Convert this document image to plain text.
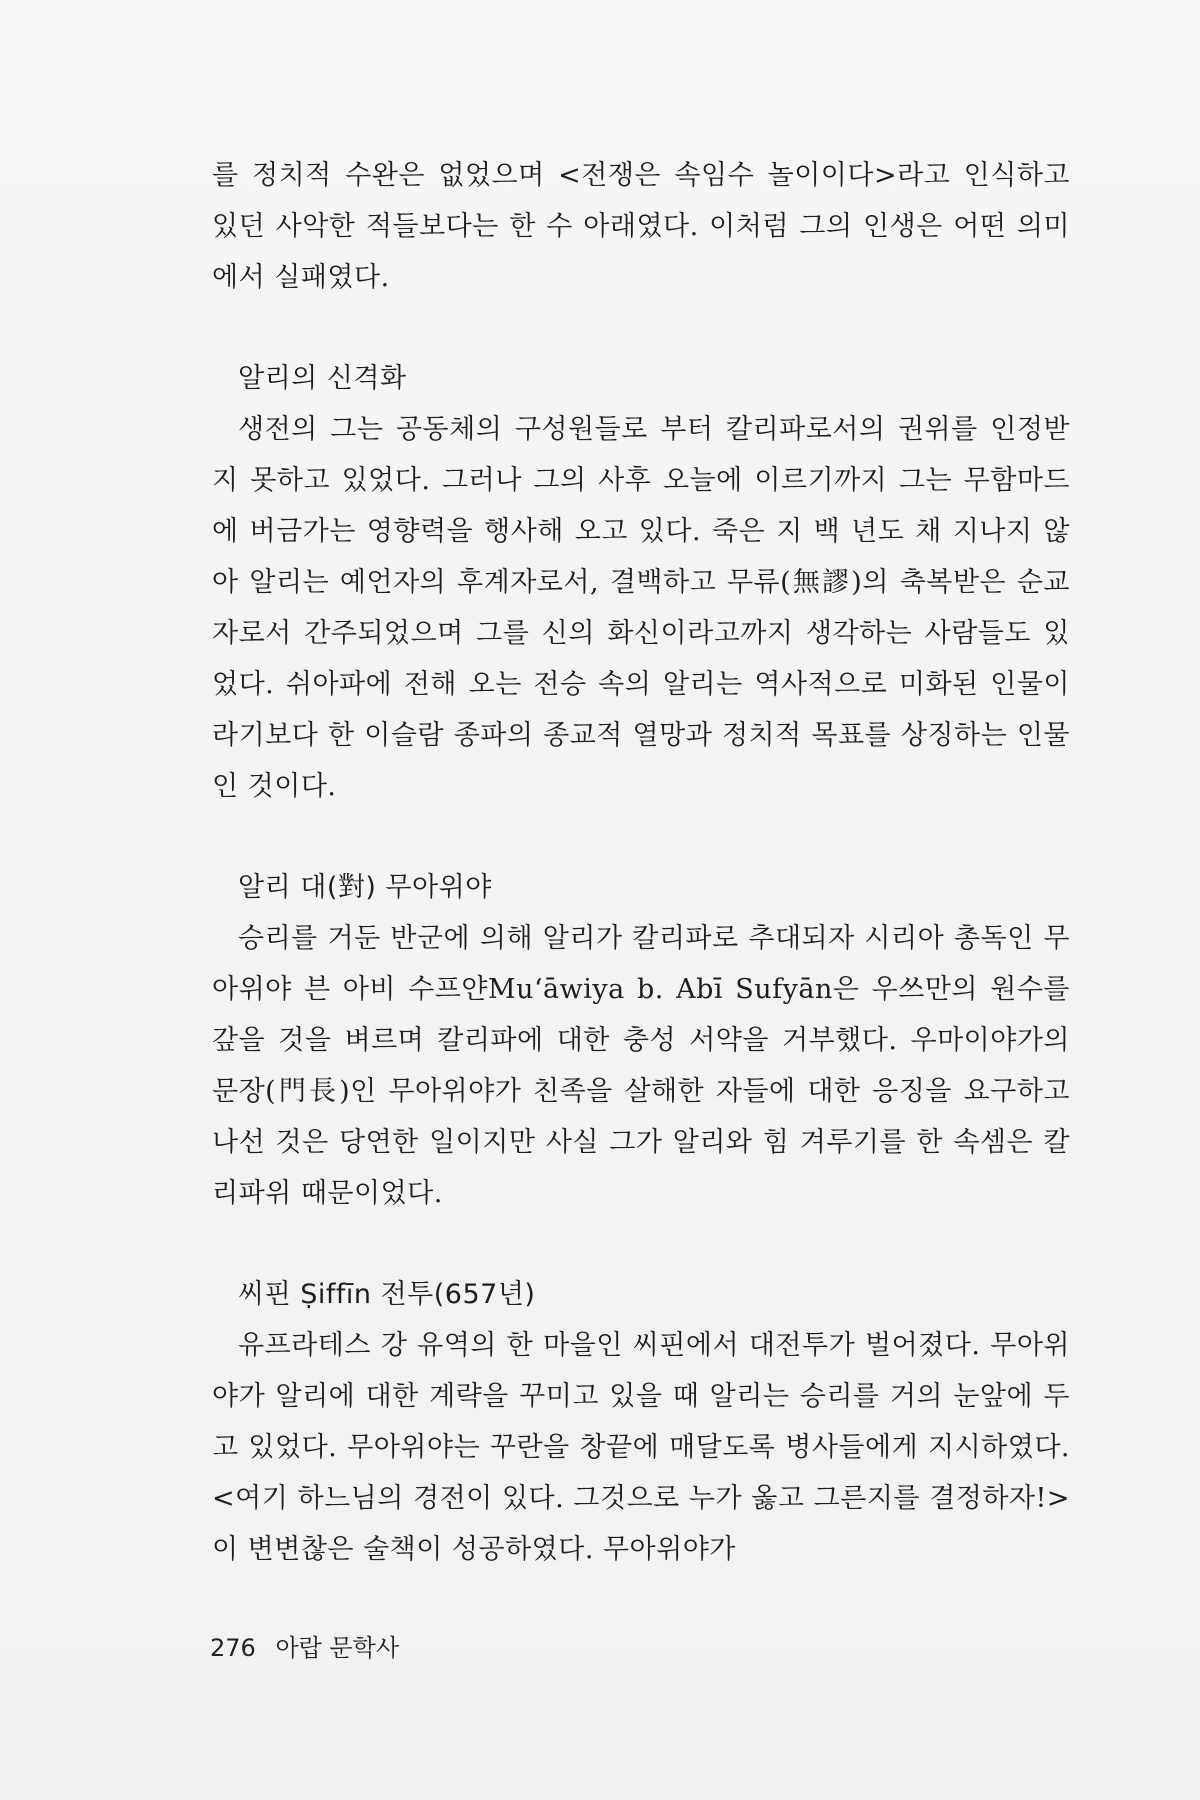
를 정치적 수완은 없었으며 <전쟁은 속임수 놀이이다>라고 인식하고 있던 사악한 적들보다는 한 수 아래였다. 이처럼 그의 인생은 어떤 의미에서 실패였다.

알리의 신격화

생전의 그는 공동체의 구성원들로 부터 칼리파로서의 권위를 인정받지 못하고 있었다. 그러나 그의 사후 오늘에 이르기까지 그는 무함마드에 버금가는 영향력을 행사해 오고 있다. 죽은 지 백 년도 채 지나지 않아 알리는 예언자의 후계자로서, 결백하고 무류(無謬)의 축복받은 순교자로서 간주되었으며 그를 신의 화신이라고까지 생각하는 사람들도 있었다. 쉬아파에 전해 오는 전승 속의 알리는 역사적으로 미화된 인물이라기보다 한 이슬람 종파의 종교적 열망과 정치적 목표를 상징하는 인물인 것이다.

알리 대(對) 무아위야

승리를 거둔 반군에 의해 알리가 칼리파로 추대되자 시리아 총독인 무아위야 븐 아비 수프얀Mu‘āwiya b. Abī Sufyān은 우쓰만의 원수를 갚을 것을 벼르며 칼리파에 대한 충성 서약을 거부했다. 우마이야가의 문장(門長)인 무아위야가 친족을 살해한 자들에 대한 응징을 요구하고 나선 것은 당연한 일이지만 사실 그가 알리와 힘 겨루기를 한 속셈은 칼리파위 때문이었다.

씨핀 Ṣiffīn 전투(657년)

유프라테스 강 유역의 한 마을인 씨핀에서 대전투가 벌어졌다. 무아위야가 알리에 대한 계략을 꾸미고 있을 때 알리는 승리를 거의 눈앞에 두고 있었다. 무아위야는 꾸란을 창끝에 매달도록 병사들에게 지시하였다. <여기 하느님의 경전이 있다. 그것으로 누가 옳고 그른지를 결정하자!> 이 변변찮은 술책이 성공하였다. 무아위야가

276 아랍 문학사
